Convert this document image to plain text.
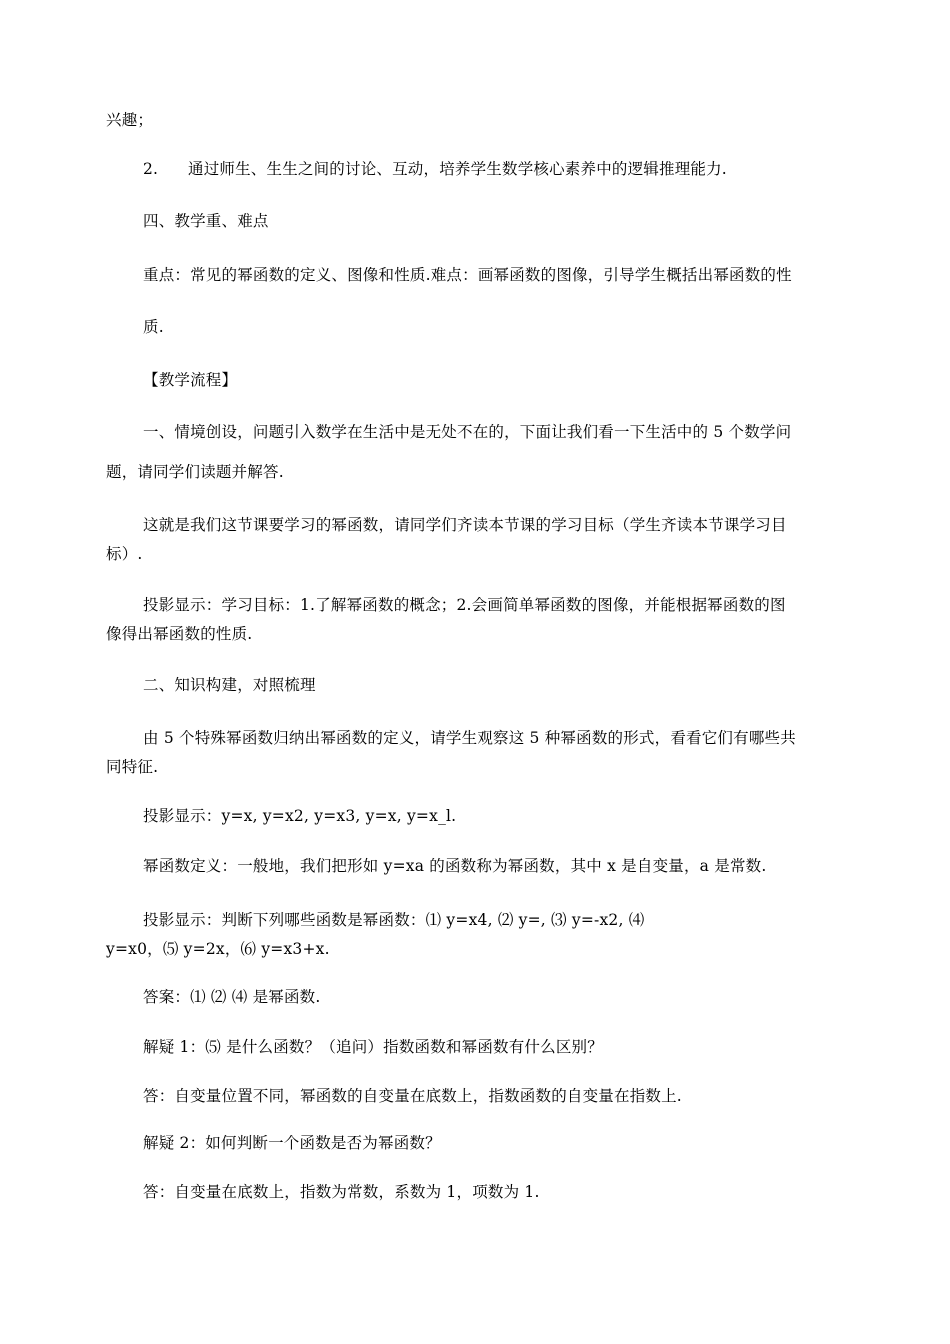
兴趣；

2. 通过师生、生生之间的讨论、互动，培养学生数学核心素养中的逻辑推理能力.

四、教学重、难点

重点：常见的幂函数的定义、图像和性质.难点：画幂函数的图像，引导学生概括出幂函数的性

质.

【教学流程】

一、情境创设，问题引入数学在生活中是无处不在的，下面让我们看一下生活中的 5 个数学问

题，请同学们读题并解答.

这就是我们这节课要学习的幂函数，请同学们齐读本节课的学习目标（学生齐读本节课学习目

标）.

投影显示：学习目标：1.了解幂函数的概念；2.会画简单幂函数的图像，并能根据幂函数的图

像得出幂函数的性质.

二、知识构建，对照梳理

由 5 个特殊幂函数归纳出幂函数的定义，请学生观察这 5 种幂函数的形式，看看它们有哪些共

同特征.

投影显示：y=x, y=x2, y=x3, y=x, y=x_l.

幂函数定义：一般地，我们把形如 y=xa 的函数称为幂函数，其中 x 是自变量，a 是常数.

投影显示：判断下列哪些函数是幂函数：⑴ y=x4, ⑵ y=, ⑶ y=-x2, ⑷

y=x0，⑸ y=2x，⑹ y=x3+x.

答案：⑴ ⑵ ⑷ 是幂函数.

解疑 1：⑸ 是什么函数？（追问）指数函数和幂函数有什么区别？

答：自变量位置不同，幂函数的自变量在底数上，指数函数的自变量在指数上.

解疑 2：如何判断一个函数是否为幂函数？

答：自变量在底数上，指数为常数，系数为 1，项数为 1.
